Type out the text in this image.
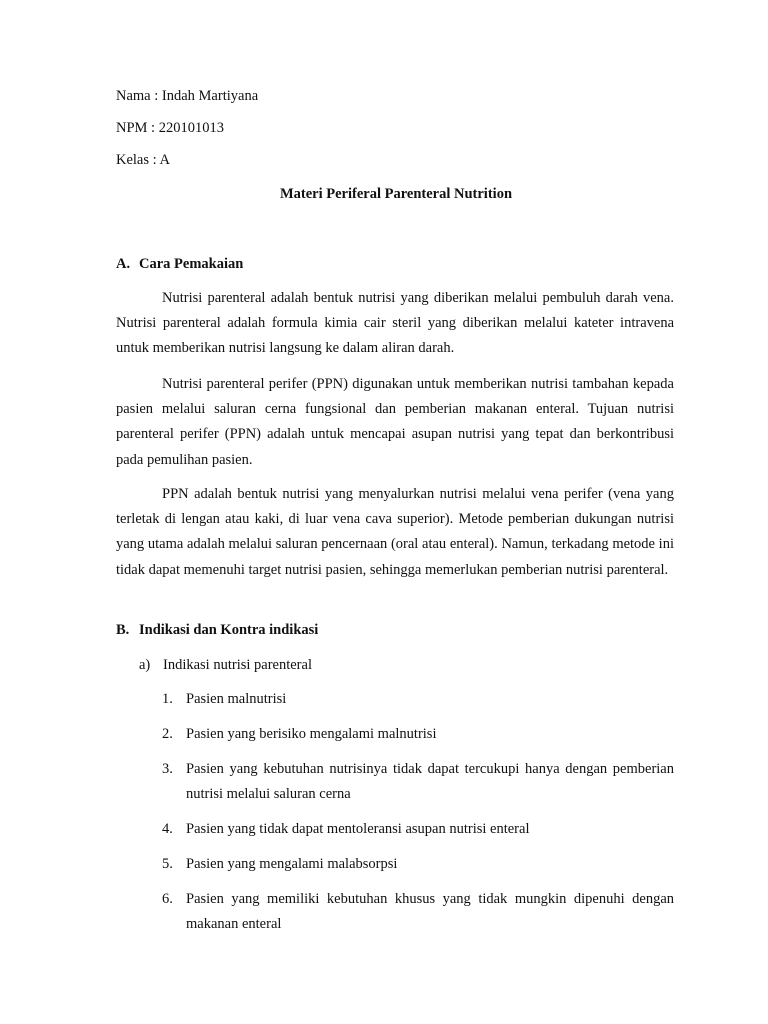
Nama : Indah Martiyana
NPM : 220101013
Kelas : A
Materi Periferal Parenteral Nutrition
A. Cara Pemakaian

Nutrisi parenteral adalah bentuk nutrisi yang diberikan melalui pembuluh darah vena. Nutrisi parenteral adalah formula kimia cair steril yang diberikan melalui kateter intravena untuk memberikan nutrisi langsung ke dalam aliran darah.

Nutrisi parenteral perifer (PPN) digunakan untuk memberikan nutrisi tambahan kepada pasien melalui saluran cerna fungsional dan pemberian makanan enteral. Tujuan nutrisi parenteral perifer (PPN) adalah untuk mencapai asupan nutrisi yang tepat dan berkontribusi pada pemulihan pasien.

PPN adalah bentuk nutrisi yang menyalurkan nutrisi melalui vena perifer (vena yang terletak di lengan atau kaki, di luar vena cava superior). Metode pemberian dukungan nutrisi yang utama adalah melalui saluran pencernaan (oral atau enteral). Namun, terkadang metode ini tidak dapat memenuhi target nutrisi pasien, sehingga memerlukan pemberian nutrisi parenteral.

B. Indikasi dan Kontra indikasi
a) Indikasi nutrisi parenteral
1. Pasien malnutrisi
2. Pasien yang berisiko mengalami malnutrisi
3. Pasien yang kebutuhan nutrisinya tidak dapat tercukupi hanya dengan pemberian nutrisi melalui saluran cerna
4. Pasien yang tidak dapat mentoleransi asupan nutrisi enteral
5. Pasien yang mengalami malabsorpsi
6. Pasien yang memiliki kebutuhan khusus yang tidak mungkin dipenuhi dengan makanan enteral
